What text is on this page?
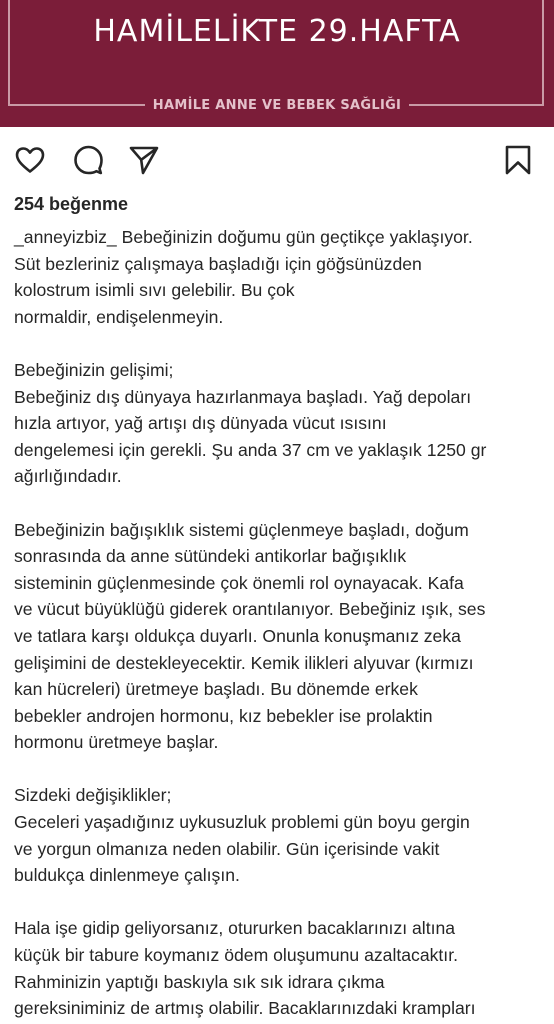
HAMİLELİKTE 29.HAFTA
HAMİLE ANNE VE BEBEK SAĞLIĞI
254 beğenme
_anneyizbiz_ Bebeğinizin doğumu gün geçtikçe yaklaşıyor.
Süt bezleriniz çalışmaya başladığı için göğsünüzden
kolostrum isimli sıvı gelebilir. Bu çok
normaldir, endişelenmeyin.
Bebeğinizin gelişimi;
Bebeğiniz dış dünyaya hazırlanmaya başladı. Yağ depoları
hızla artıyor, yağ artışı dış dünyada vücut ısısını
dengelemesi için gerekli. Şu anda 37 cm ve yaklaşık 1250 gr
ağırlığındadır.
Bebeğinizin bağışıklık sistemi güçlenmeye başladı, doğum
sonrasında da anne sütündeki antikorlar bağışıklık
sisteminin güçlenmesinde çok önemli rol oynayacak. Kafa
ve vücut büyüklüğü giderek orantılanıyor. Bebeğiniz ışık, ses
ve tatlara karşı oldukça duyarlı. Onunla konuşmanız zeka
gelişimini de destekleyecektir. Kemik ilikleri alyuvar (kırmızı
kan hücreleri) üretmeye başladı. Bu dönemde erkek
bebekler androjen hormonu, kız bebekler ise prolaktin
hormonu üretmeye başlar.
Sizdeki değişiklikler;
Geceleri yaşadığınız uykusuzluk problemi gün boyu gergin
ve yorgun olmanıza neden olabilir. Gün içerisinde vakit
buldukça dinlenmeye çalışın.
Hala işe gidip geliyorsanız, otururken bacaklarınızı altına
küçük bir tabure koymanız ödem oluşumunu azaltacaktır.
Rahminizin yaptığı baskıyla sık sık idrara çıkma
gereksiniminiz de artmış olabilir. Bacaklarınızdaki krampları
